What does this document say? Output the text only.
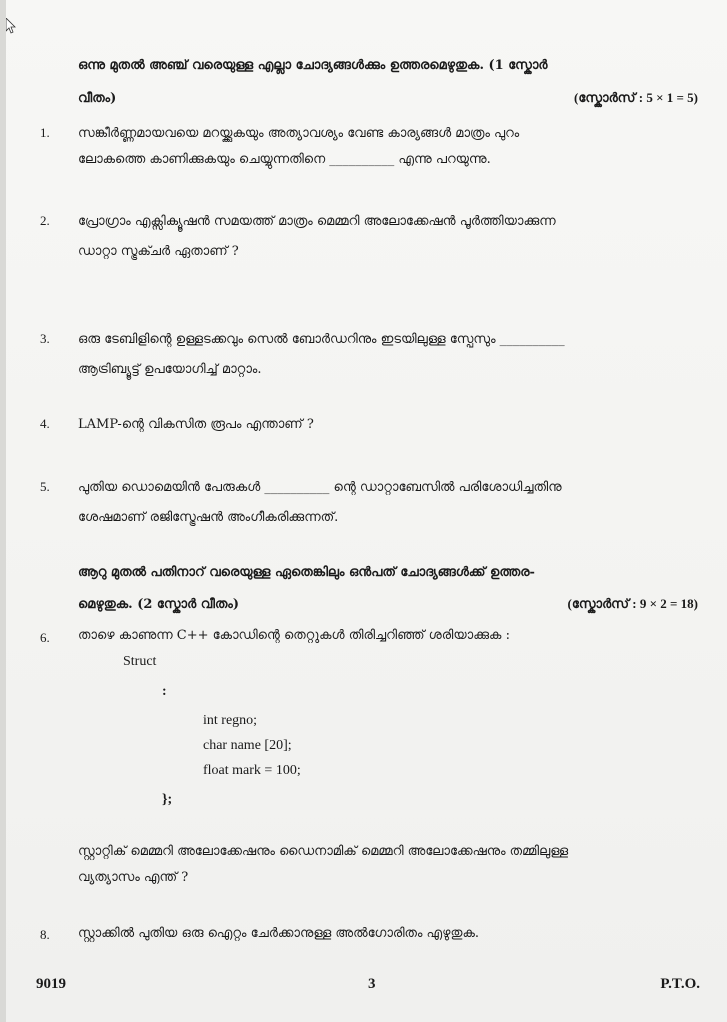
ഒന്നു മുതൽ അഞ്ച് വരെയുള്ള എല്ലാ ചോദ്യങ്ങൾക്കും ഉത്തരമെഴുതുക. (1 സ്കോർ
വീതം)	(സ്കോർസ് : 5 × 1 = 5)
1. സങ്കീർണ്ണമായവയെ മറയ്ക്കുകയും അത്യാവശ്യം വേണ്ട കാര്യങ്ങൾ മാത്രം പുറം
ലോകത്തെ കാണിക്കുകയും ചെയ്യുന്നതിനെ __________ എന്നു പറയുന്നു.
2. പ്രോഗ്രാം എക്സിക്യൂഷൻ സമയത്ത് മാത്രം മെമ്മറി അലോക്കേഷൻ പൂർത്തിയാക്കുന്ന
ഡാറ്റാ സ്ട്രക്ചർ ഏതാണ് ?
3. ഒരു ടേബിളിന്റെ ഉള്ളടക്കവും സെൽ ബോർഡറിനും ഇടയിലുള്ള സ്പേസും __________
ആട്രിബ്യൂട്ട് ഉപയോഗിച്ച് മാറ്റാം.
4. LAMP-ന്റെ വികസിത രൂപം എന്താണ് ?
5. പുതിയ ഡൊമെയിൻ പേരുകൾ __________ ന്റെ ഡാറ്റാബേസിൽ പരിശോധിച്ചതിനു
ശേഷമാണ് രജിസ്ട്രേഷൻ അംഗീകരിക്കുന്നത്.
ആറു മുതൽ പതിനാറ് വരെയുള്ള ഏതെങ്കിലും ഒൻപത് ചോദ്യങ്ങൾക്ക് ഉത്തര-
മെഴുതുക. (2 സ്കോർ വീതം)	(സ്കോർസ് : 9 × 2 = 18)
6. താഴെ കാണുന്ന C++ കോഡിന്റെ തെറ്റുകൾ തിരിച്ചറിഞ്ഞ് ശരിയാക്കുക :
Struct
:
int regno;
char name [20];
float mark = 100;
};
സ്റ്റാറ്റിക് മെമ്മറി അലോക്കേഷനും ഡൈനാമിക് മെമ്മറി അലോക്കേഷനും തമ്മിലുള്ള
വ്യത്യാസം എന്ത് ?
8. സ്റ്റാക്കിൽ പുതിയ ഒരു ഐറ്റം ചേർക്കാനുള്ള അൽഗോരിതം എഴുതുക.
9019	3	P.T.O.
